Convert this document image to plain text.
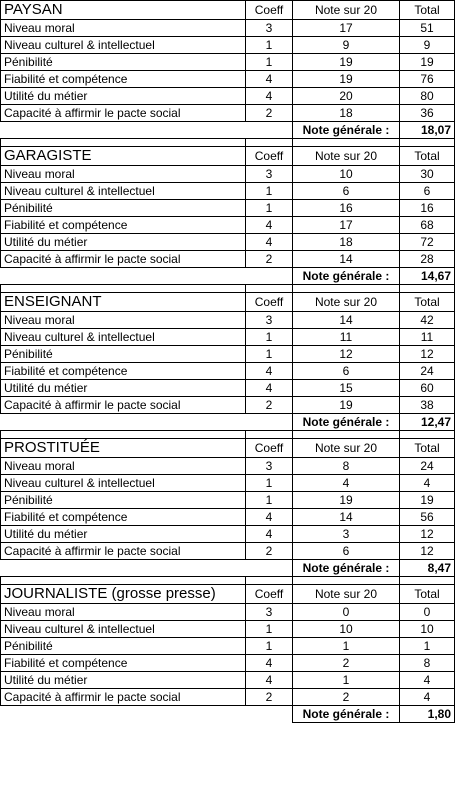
PAYSAN	Coeff	Note sur 20	Total
Niveau moral	3	17	51
Niveau culturel & intellectuel	1	9	9
Pénibilité	1	19	19
Fiabilité et compétence	4	19	76
Utilité du métier	4	20	80
Capacité à affirmir le pacte social	2	18	36
		Note générale :	18,07

GARAGISTE	Coeff	Note sur 20	Total
Niveau moral	3	10	30
Niveau culturel & intellectuel	1	6	6
Pénibilité	1	16	16
Fiabilité et compétence	4	17	68
Utilité du métier	4	18	72
Capacité à affirmir le pacte social	2	14	28
		Note générale :	14,67

ENSEIGNANT	Coeff	Note sur 20	Total
Niveau moral	3	14	42
Niveau culturel & intellectuel	1	11	11
Pénibilité	1	12	12
Fiabilité et compétence	4	6	24
Utilité du métier	4	15	60
Capacité à affirmir le pacte social	2	19	38
		Note générale :	12,47

PROSTITUÉE	Coeff	Note sur 20	Total
Niveau moral	3	8	24
Niveau culturel & intellectuel	1	4	4
Pénibilité	1	19	19
Fiabilité et compétence	4	14	56
Utilité du métier	4	3	12
Capacité à affirmir le pacte social	2	6	12
		Note générale :	8,47

JOURNALISTE (grosse presse)	Coeff	Note sur 20	Total
Niveau moral	3	0	0
Niveau culturel & intellectuel	1	10	10
Pénibilité	1	1	1
Fiabilité et compétence	4	2	8
Utilité du métier	4	1	4
Capacité à affirmir le pacte social	2	2	4
		Note générale :	1,80
